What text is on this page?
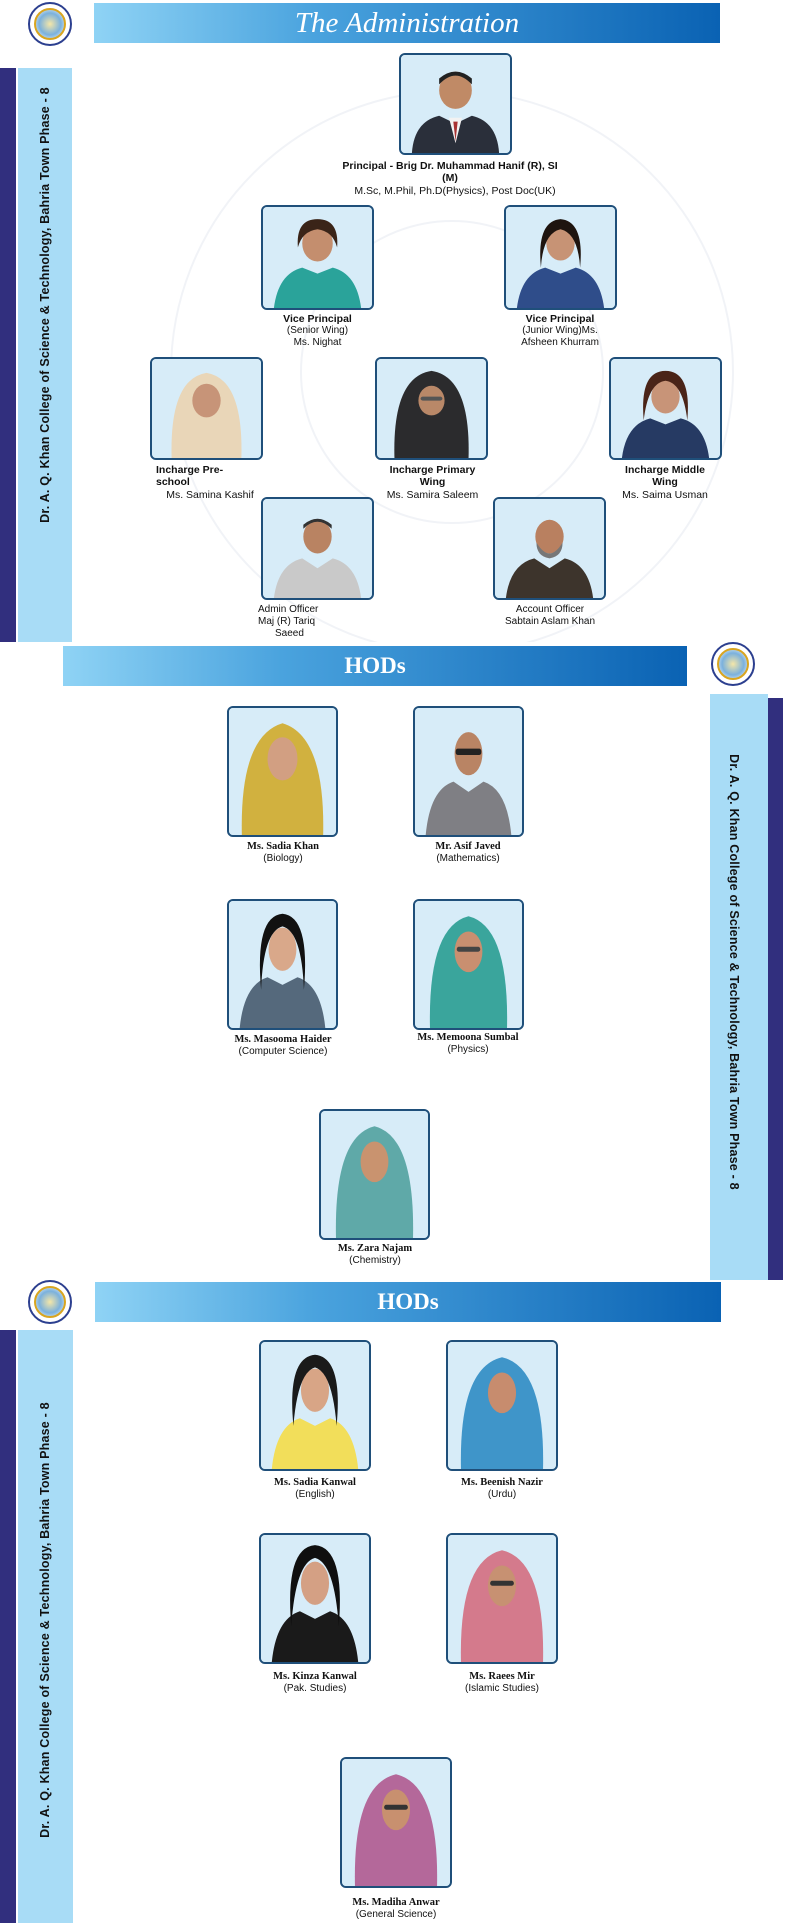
The Administration
Dr. A. Q. Khan College of Science & Technology, Bahria Town Phase - 8	Principal - Brig Dr. Muhammad Hanif (R), SI
(M)
M.Sc, M.Phil, Ph.D(Physics), Post Doc(UK)
Vice Principal
(Senior Wing)
Ms. Nighat
Vice Principal
(Junior Wing)Ms.
Afsheen Khurram
Incharge Pre-
school
Ms. Samina Kashif
Incharge Primary
Wing
Ms. Samira Saleem
Incharge Middle
Wing
Ms. Saima Usman
Admin Officer
Maj (R) Tariq
Saeed
Account Officer
Sabtain Aslam Khan
HODs
Dr. A. Q. Khan College of Science & Technology, Bahria Town Phase - 8
Ms. Sadia Khan
(Biology)
Mr. Asif Javed
(Mathematics)
Ms. Masooma Haider
(Computer Science)
Ms. Memoona Sumbal
(Physics)
Ms. Zara Najam
(Chemistry)
HODs
Dr. A. Q. Khan College of Science & Technology, Bahria Town Phase - 8	Ms. Sadia Kanwal
(English)
Ms. Beenish Nazir
(Urdu)
Ms. Kinza Kanwal
(Pak. Studies)
Ms. Raees Mir
(Islamic Studies)
Ms. Madiha Anwar
(General Science)
